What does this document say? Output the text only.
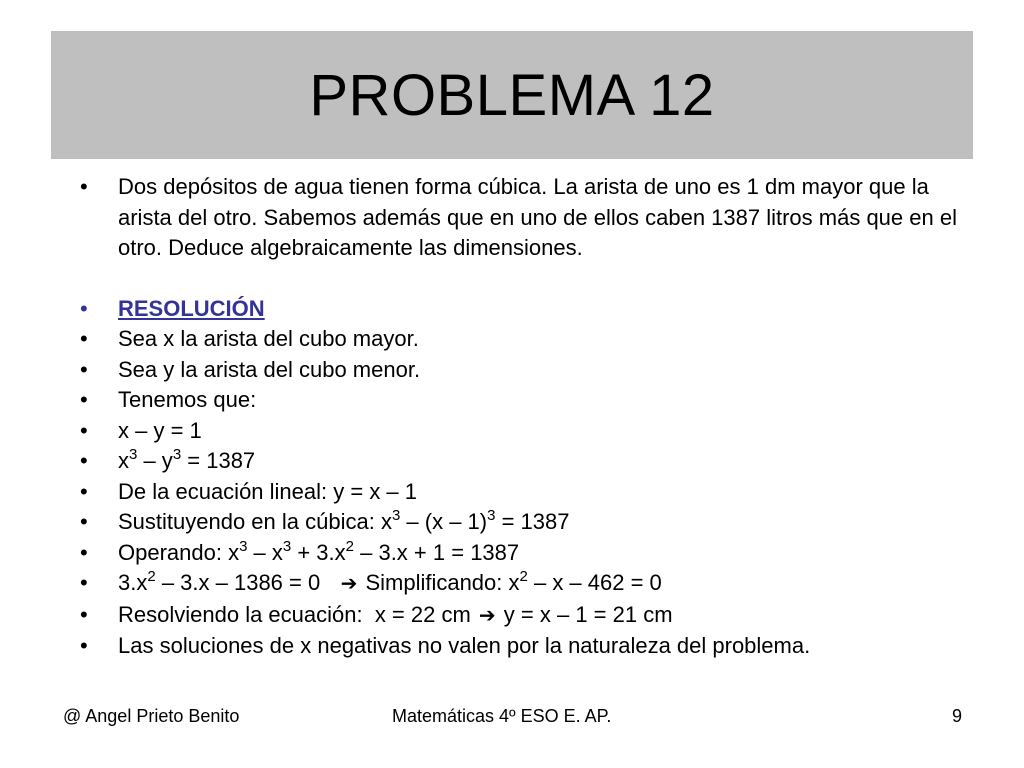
PROBLEMA 12
•	Dos depósitos de agua tienen forma cúbica. La arista de uno es 1 dm mayor que la arista del otro. Sabemos además que en uno de ellos caben 1387 litros más que en el otro. Deduce algebraicamente las dimensiones.
•	RESOLUCIÓN
•	Sea x la arista del cubo mayor.
•	Sea y la arista del cubo menor.
•	Tenemos que:
•	x – y = 1
•	$x^3 - y^3 = 1387$
•	De la ecuación lineal: y = x – 1
•	Sustituyendo en la cúbica: $x^3 - (x - 1)^3 = 1387$
•	Operando: $x^3 - x^3 + 3.x^2 - 3.x + 1 = 1387$
•	$3.x^2 - 3.x - 1386 = 0$   ➔ Simplificando: $x^2 - x - 462 = 0$
•	Resolviendo la ecuación:  x = 22 cm ➔ y = x – 1 = 21 cm
•	Las soluciones de x negativas no valen por la naturaleza del problema.
@ Angel Prieto Benito	Matemáticas 4º ESO E. AP.	9
